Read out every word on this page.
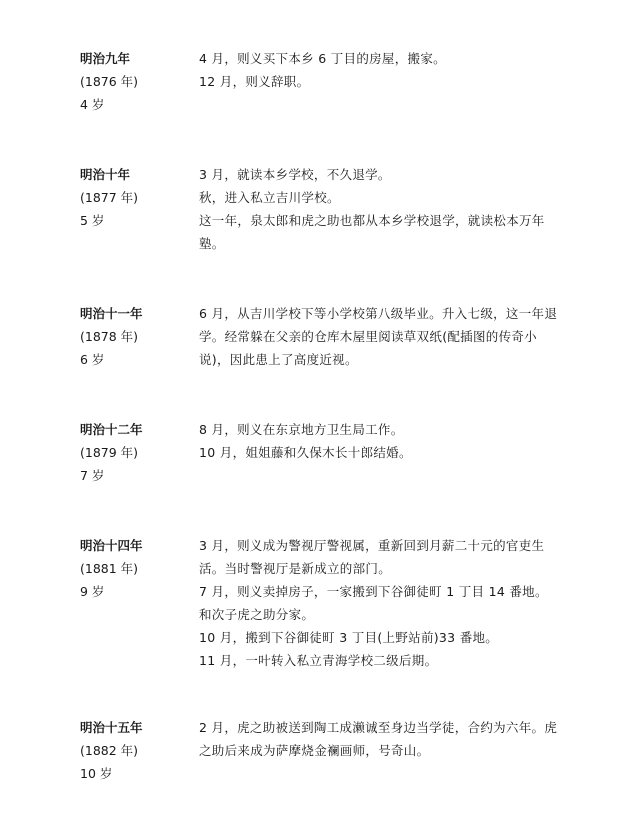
明治九年
(1876 年)
4 岁
4 月，则义买下本乡 6 丁目的房屋，搬家。
12 月，则义辞职。
明治十年
(1877 年)
5 岁
3 月，就读本乡学校，不久退学。
秋，进入私立吉川学校。
这一年，泉太郎和虎之助也都从本乡学校退学，就读松本万年塾。
明治十一年
(1878 年)
6 岁
6 月，从吉川学校下等小学校第八级毕业。升入七级，这一年退学。经常躲在父亲的仓库木屋里阅读草双纸(配插图的传奇小说)，因此患上了高度近视。
明治十二年
(1879 年)
7 岁
8 月，则义在东京地方卫生局工作。
10 月，姐姐藤和久保木长十郎结婚。
明治十四年
(1881 年)
9 岁
3 月，则义成为警视厅警视属，重新回到月薪二十元的官吏生活。当时警视厅是新成立的部门。
7 月，则义卖掉房子，一家搬到下谷御徒町 1 丁目 14 番地。和次子虎之助分家。
10 月，搬到下谷御徒町 3 丁目(上野站前)33 番地。
11 月，一叶转入私立青海学校二级后期。
明治十五年
(1882 年)
10 岁
2 月，虎之助被送到陶工成濑诚至身边当学徒，合约为六年。虎之助后来成为萨摩烧金襕画师，号奇山。
